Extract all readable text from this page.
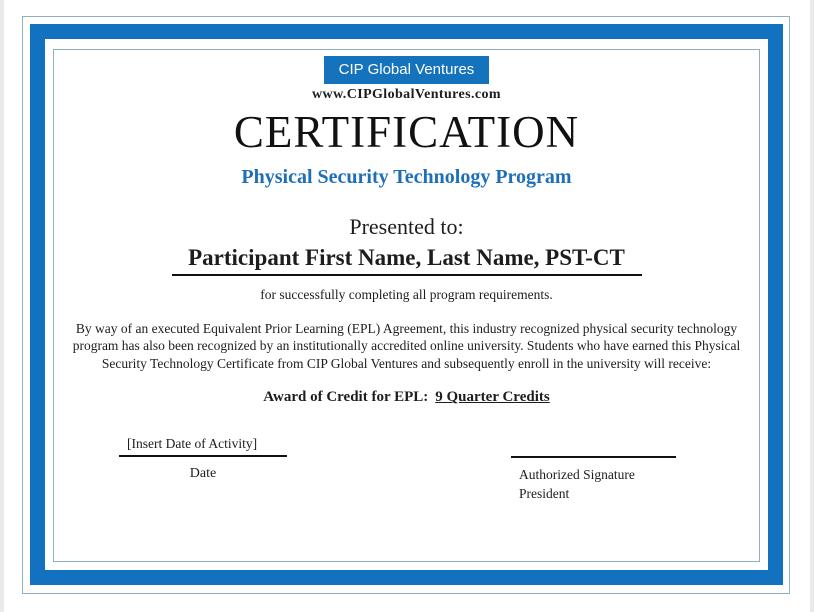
CIP Global Ventures
www.CIPGlobalVentures.com
CERTIFICATION
Physical Security Technology Program
Presented to:
Participant First Name, Last Name, PST-CT
for successfully completing all program requirements.

By way of an executed Equivalent Prior Learning (EPL) Agreement, this industry recognized physical security technology program has also been recognized by an institutionally accredited online university. Students who have earned this Physical Security Technology Certificate from CIP Global Ventures and subsequently enroll in the university will receive:

Award of Credit for EPL: 9 Quarter Credits
[Insert Date of Activity]
Date	Authorized Signature
President
